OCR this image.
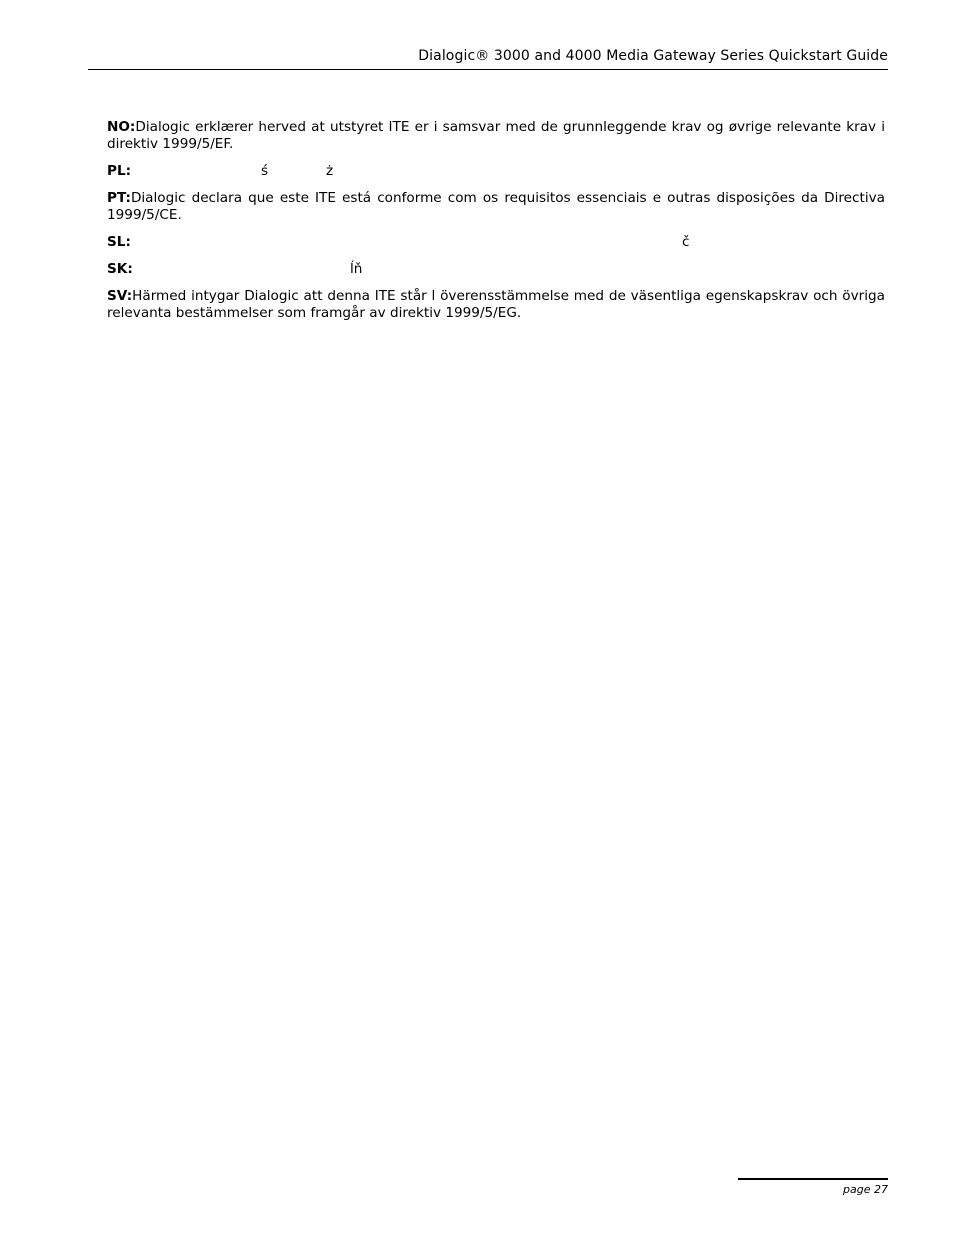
Dialogic® 3000 and 4000 Media Gateway Series Quickstart Guide

NO:Dialogic erklærer herved at utstyret ITE er i samsvar med de grunnleggende krav og øvrige relevante krav i direktiv 1999/5/EF.

PL:	ś	ż

PT:Dialogic declara que este ITE está conforme com os requisitos essenciais e outras disposições da Directiva 1999/5/CE.

SL:	č

SK:	ĺň

SV:Härmed intygar Dialogic att denna ITE står l överensstämmelse med de väsentliga egenskapskrav och övriga relevanta bestämmelser som framgår av direktiv 1999/5/EG.

page 27
